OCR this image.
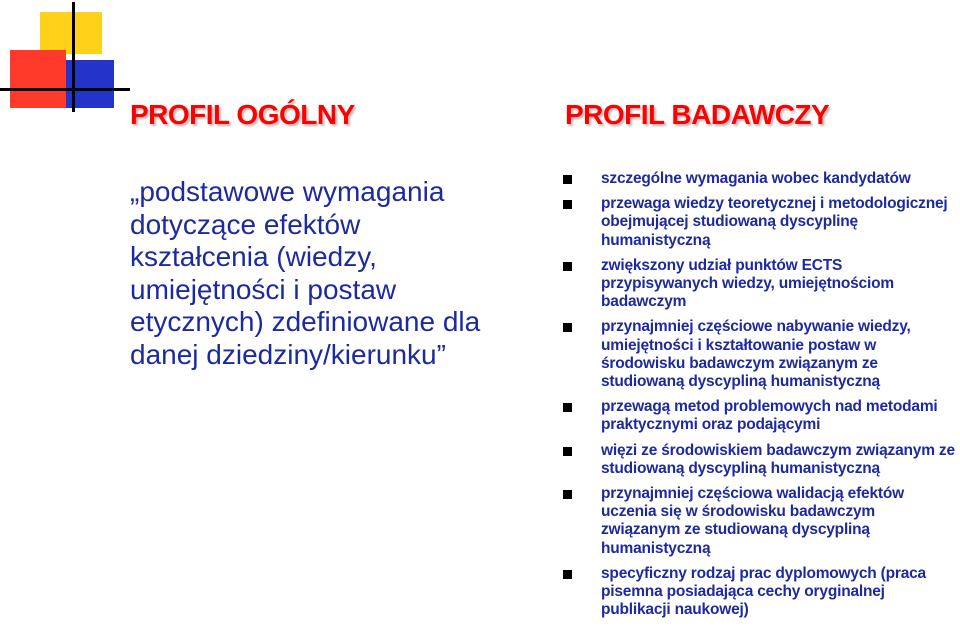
PROFIL OGÓLNY	PROFIL BADAWCZY

„podstawowe wymagania dotyczące efektów kształcenia (wiedzy, umiejętności i postaw etycznych) zdefiniowane dla danej dziedziny/kierunku”

szczególne wymagania wobec kandydatów
przewaga wiedzy teoretycznej i metodologicznej obejmującej studiowaną dyscyplinę humanistyczną
zwiększony udział punktów ECTS przypisywanych wiedzy, umiejętnościom badawczym
przynajmniej częściowe nabywanie wiedzy, umiejętności i kształtowanie postaw w środowisku badawczym związanym ze studiowaną dyscypliną humanistyczną
przewagą metod problemowych nad metodami praktycznymi oraz podającymi
więzi ze środowiskiem badawczym związanym ze studiowaną dyscypliną humanistyczną
przynajmniej częściowa walidacją efektów uczenia się w środowisku badawczym związanym ze studiowaną dyscypliną humanistyczną
specyficzny rodzaj prac dyplomowych (praca pisemna posiadająca cechy oryginalnej publikacji naukowej)
